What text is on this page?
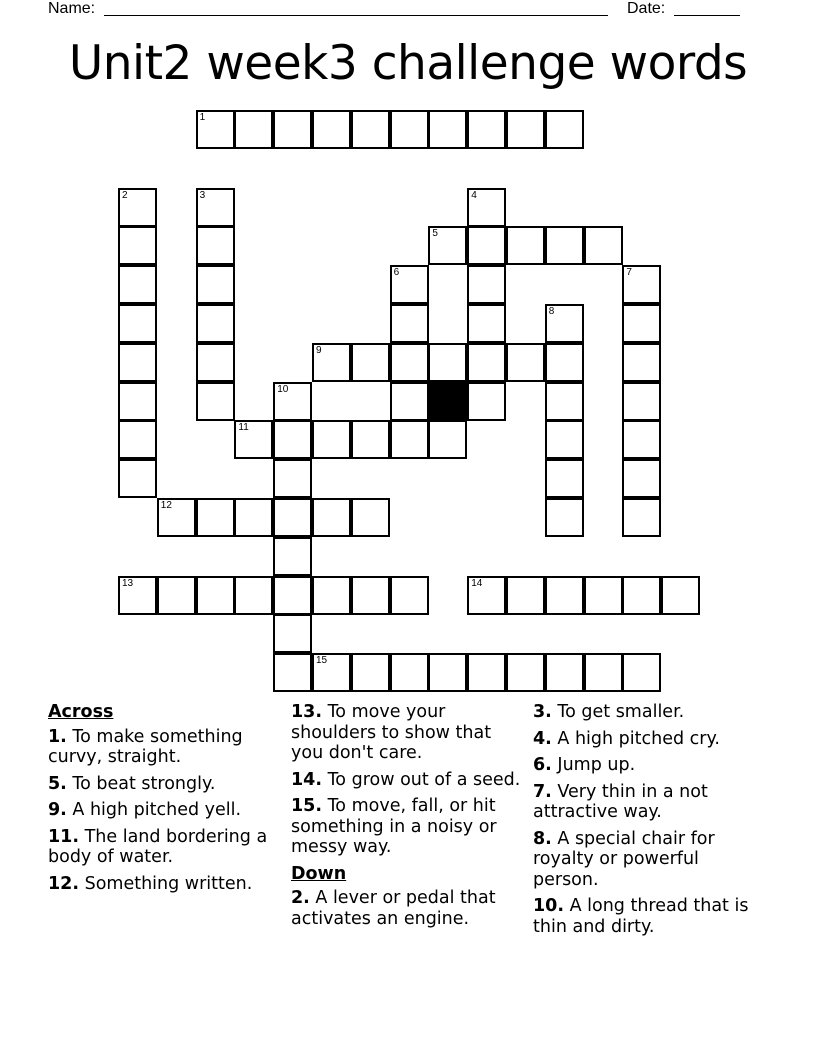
Name:	Date:
Unit2 week3 challenge words
1
2	3	4
5
6	7
8
9
10
11
12
13	14
15
Across
1. To make something curvy, straight.
5. To beat strongly.
9. A high pitched yell.
11. The land bordering a body of water.
12. Something written.
13. To move your shoulders to show that you don't care.
14. To grow out of a seed.
15. To move, fall, or hit something in a noisy or messy way.
Down
2. A lever or pedal that activates an engine.
3. To get smaller.
4. A high pitched cry.
6. Jump up.
7. Very thin in a not attractive way.
8. A special chair for royalty or powerful person.
10. A long thread that is thin and dirty.
